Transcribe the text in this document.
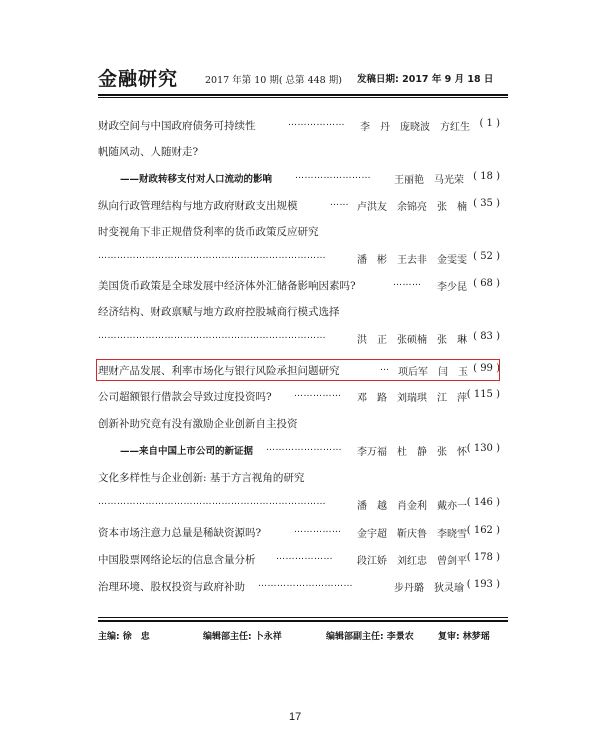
金融研究	2017 年第 10 期( 总第 448 期) 发稿日期: 2017 年 9 月 18 日
财政空间与中国政府债务可持续性	……………… 李　丹　庞晓波　方红生 ( 1 )
帆随风动、人随财走?
——财政转移支付对人口流动的影响	…………………… 王丽艳　马光荣 ( 18 )
纵向行政管理结构与地方政府财政支出规模	…… 卢洪友　余锦亮　张　楠 ( 35 )
时变视角下非正规借贷利率的货币政策反应研究
………………………………………………………………	潘　彬　王去非　金雯雯 ( 52 )
美国货币政策是全球发展中经济体外汇储备影响因素吗?	……… 李少昆 ( 68 )
经济结构、财政禀赋与地方政府控股城商行模式选择
………………………………………………………………	洪　正　张硕楠　张　琳 ( 83 )
理财产品发展、利率市场化与银行风险承担问题研究	… 项后军　闫　玉 ( 99 )
公司超额银行借款会导致过度投资吗? …………… 邓　路　刘瑞琪　江　萍 ( 115 )
创新补助究竟有没有激励企业创新自主投资
——来自中国上市公司的新证据 …………………… 李万福　杜　静　张　怀 ( 130 )
文化多样性与企业创新: 基于方言视角的研究
………………………………………………………………	潘　越　肖金利　戴亦一 ( 146 )
资本市场注意力总量是稀缺资源吗?	…………… 金宇超　靳庆鲁　李晓雪 ( 162 )
中国股票网络论坛的信息含量分析 ……………… 段江娇　刘红忠　曾剑平 ( 178 )
治理环境、股权投资与政府补助 …………………………	步丹璐　狄灵瑜 ( 193 )
主编: 徐　忠	编辑部主任: 卜永祥	编辑部副主任: 李景农	复审: 林梦瑶
17
